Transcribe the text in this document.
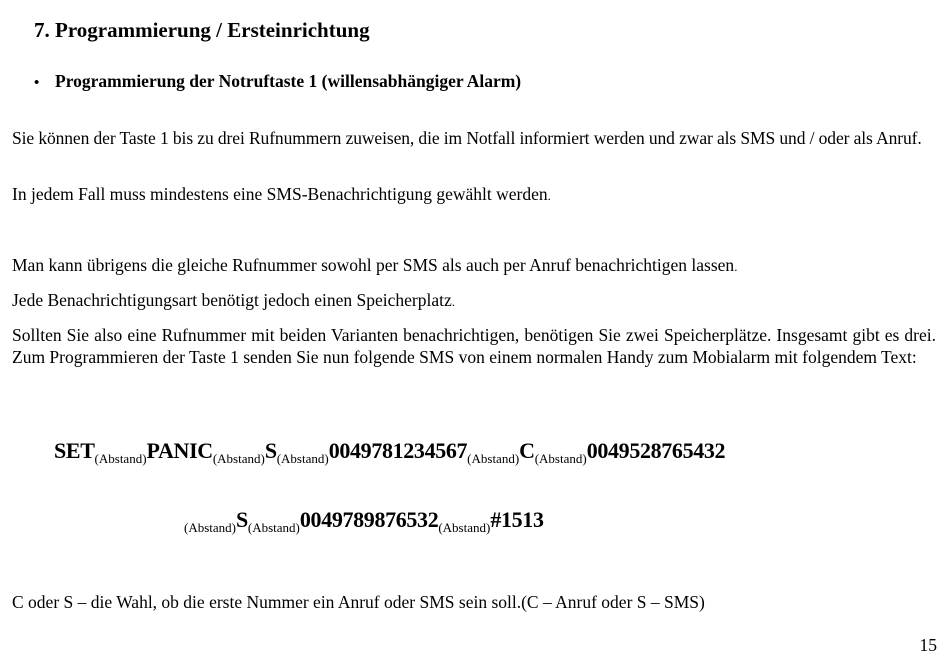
7. Programmierung / Ersteinrichtung
• Programmierung der Notruftaste 1 (willensabhängiger Alarm)
Sie können der Taste 1 bis zu drei Rufnummern zuweisen, die im Notfall informiert werden und zwar als SMS und / oder als Anruf.
In jedem Fall muss mindestens eine SMS-Benachrichtigung gewählt werden.
Man kann übrigens die gleiche Rufnummer sowohl per SMS als auch per Anruf benachrichtigen lassen.
Jede Benachrichtigungsart benötigt jedoch einen Speicherplatz.
Sollten Sie also eine Rufnummer mit beiden Varianten benachrichtigen, benötigen Sie zwei Speicherplätze. Insgesamt gibt es drei. Zum Programmieren der Taste 1 senden Sie nun folgende SMS von einem normalen Handy zum Mobialarm mit folgendem Text:
$SET_{(Abstand)}PANIC_{(Abstand)}S_{(Abstand)}0049781234567_{(Abstand)}C_{(Abstand)}0049528765432$
$_{(Abstand)}S_{(Abstand)}0049789876532_{(Abstand)}\#1513$
C oder S – die Wahl, ob die erste Nummer ein Anruf oder SMS sein soll.(C – Anruf oder S – SMS)
15
